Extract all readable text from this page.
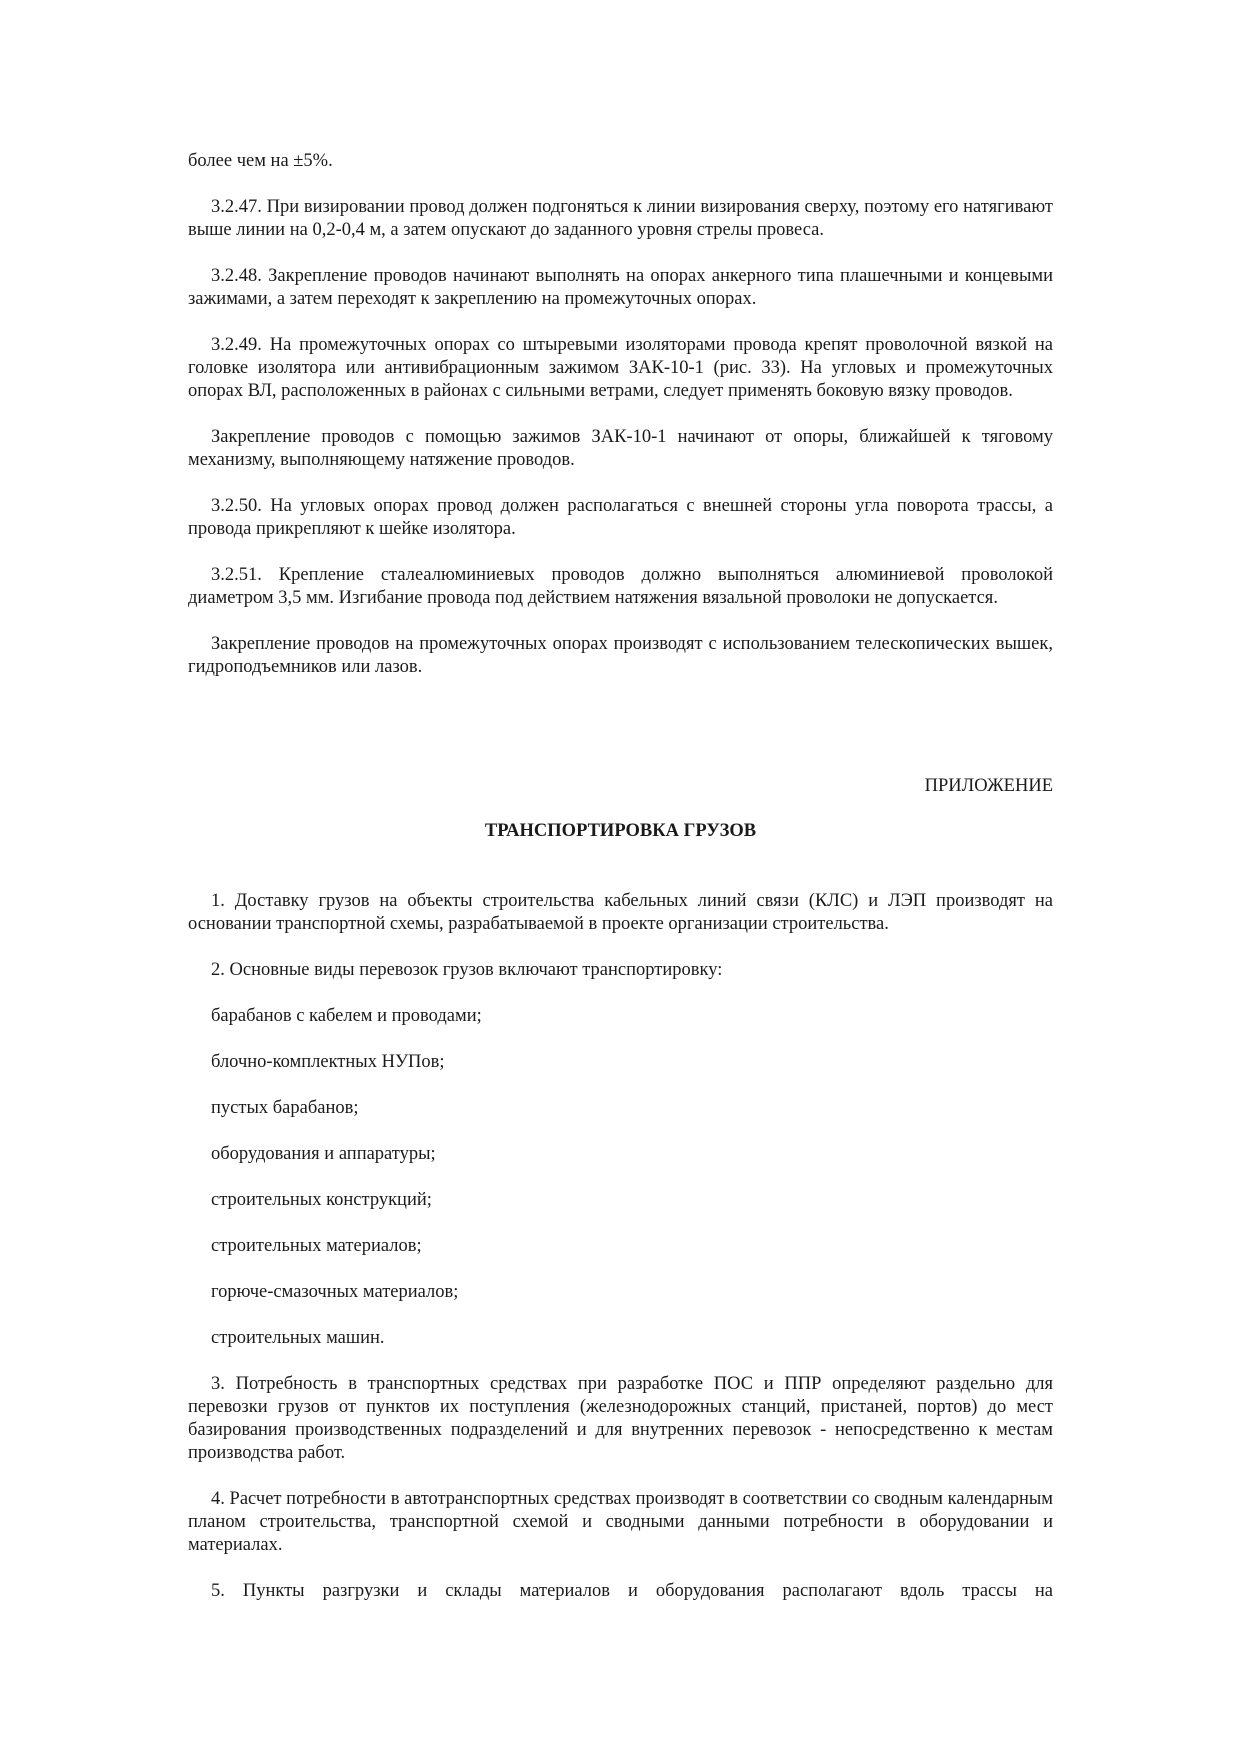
более чем на ±5%.

3.2.47. При визировании провод должен подгоняться к линии визирования сверху, поэтому его натягивают выше линии на 0,2-0,4 м, а затем опускают до заданного уровня стрелы провеса.

3.2.48. Закрепление проводов начинают выполнять на опорах анкерного типа плашечными и концевыми зажимами, а затем переходят к закреплению на промежуточных опорах.

3.2.49. На промежуточных опорах со штыревыми изоляторами провода крепят проволочной вязкой на головке изолятора или антивибрационным зажимом ЗАК-10-1 (рис. 33). На угловых и промежуточных опорах ВЛ, расположенных в районах с сильными ветрами, следует применять боковую вязку проводов.

Закрепление проводов с помощью зажимов ЗАК-10-1 начинают от опоры, ближайшей к тяговому механизму, выполняющему натяжение проводов.

3.2.50. На угловых опорах провод должен располагаться с внешней стороны угла поворота трассы, а провода прикрепляют к шейке изолятора.

3.2.51. Крепление сталеалюминиевых проводов должно выполняться алюминиевой проволокой диаметром 3,5 мм. Изгибание провода под действием натяжения вязальной проволоки не допускается.

Закрепление проводов на промежуточных опорах производят с использованием телескопических вышек, гидроподъемников или лазов.

ПРИЛОЖЕНИЕ
ТРАНСПОРТИРОВКА ГРУЗОВ

1. Доставку грузов на объекты строительства кабельных линий связи (КЛС) и ЛЭП производят на основании транспортной схемы, разрабатываемой в проекте организации строительства.

2. Основные виды перевозок грузов включают транспортировку:

барабанов с кабелем и проводами;

блочно-комплектных НУПов;

пустых барабанов;

оборудования и аппаратуры;

строительных конструкций;

строительных материалов;

горюче-смазочных материалов;

строительных машин.

3. Потребность в транспортных средствах при разработке ПОС и ППР определяют раздельно для перевозки грузов от пунктов их поступления (железнодорожных станций, пристаней, портов) до мест базирования производственных подразделений и для внутренних перевозок - непосредственно к местам производства работ.

4. Расчет потребности в автотранспортных средствах производят в соответствии со сводным календарным планом строительства, транспортной схемой и сводными данными потребности в оборудовании и материалах.

5. Пункты разгрузки и склады материалов и оборудования располагают вдоль трассы на
